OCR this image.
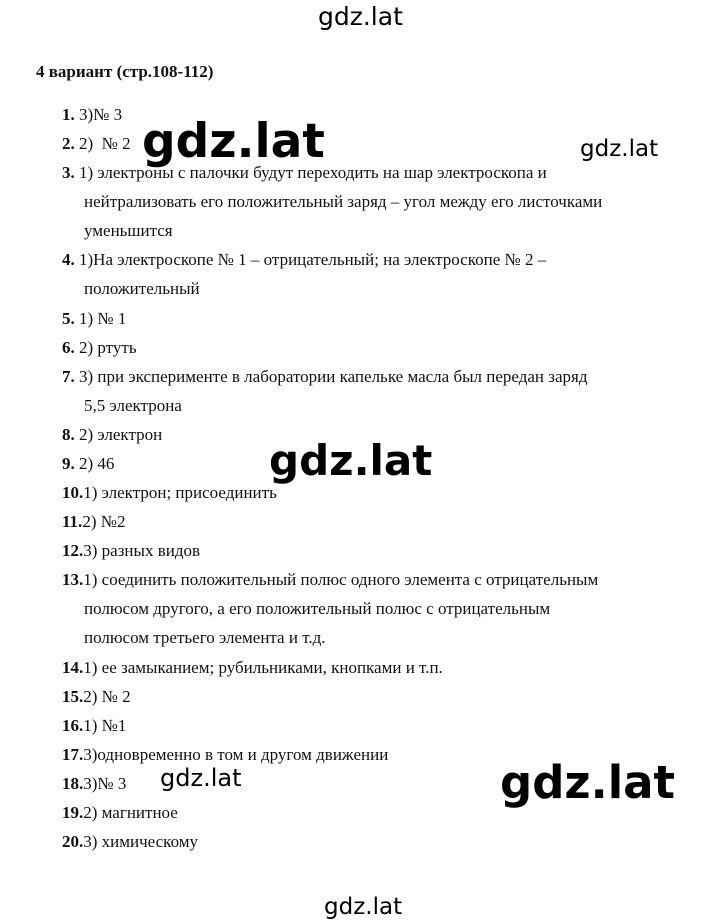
gdz.lat
4 вариант (стр.108-112)
1. 3)№ 3
2. 2)  № 2
3. 1) электроны с палочки будут переходить на шар электроскопа и
нейтрализовать его положительный заряд – угол между его листочками
уменьшится
4. 1)На электроскопе № 1 – отрицательный; на электроскопе № 2 –
положительный
5. 1) № 1
6. 2) ртуть
7. 3) при эксперименте в лаборатории капельке масла был передан заряд
5,5 электрона
8. 2) электрон
9. 2) 46
10.1) электрон; присоединить
11.2) №2
12.3) разных видов
13.1) соединить положительный полюс одного элемента с отрицательным
полюсом другого, а его положительный полюс с отрицательным
полюсом третьего элемента и т.д.
14.1) ее замыканием; рубильниками, кнопками и т.п.
15.2) № 2
16.1) №1
17.3)одновременно в том и другом движении
18.3)№ 3
19.2) магнитное
20.3) химическому
gdz.lat	gdz.lat
gdz.lat
gdz.lat	gdz.lat
gdz.lat
